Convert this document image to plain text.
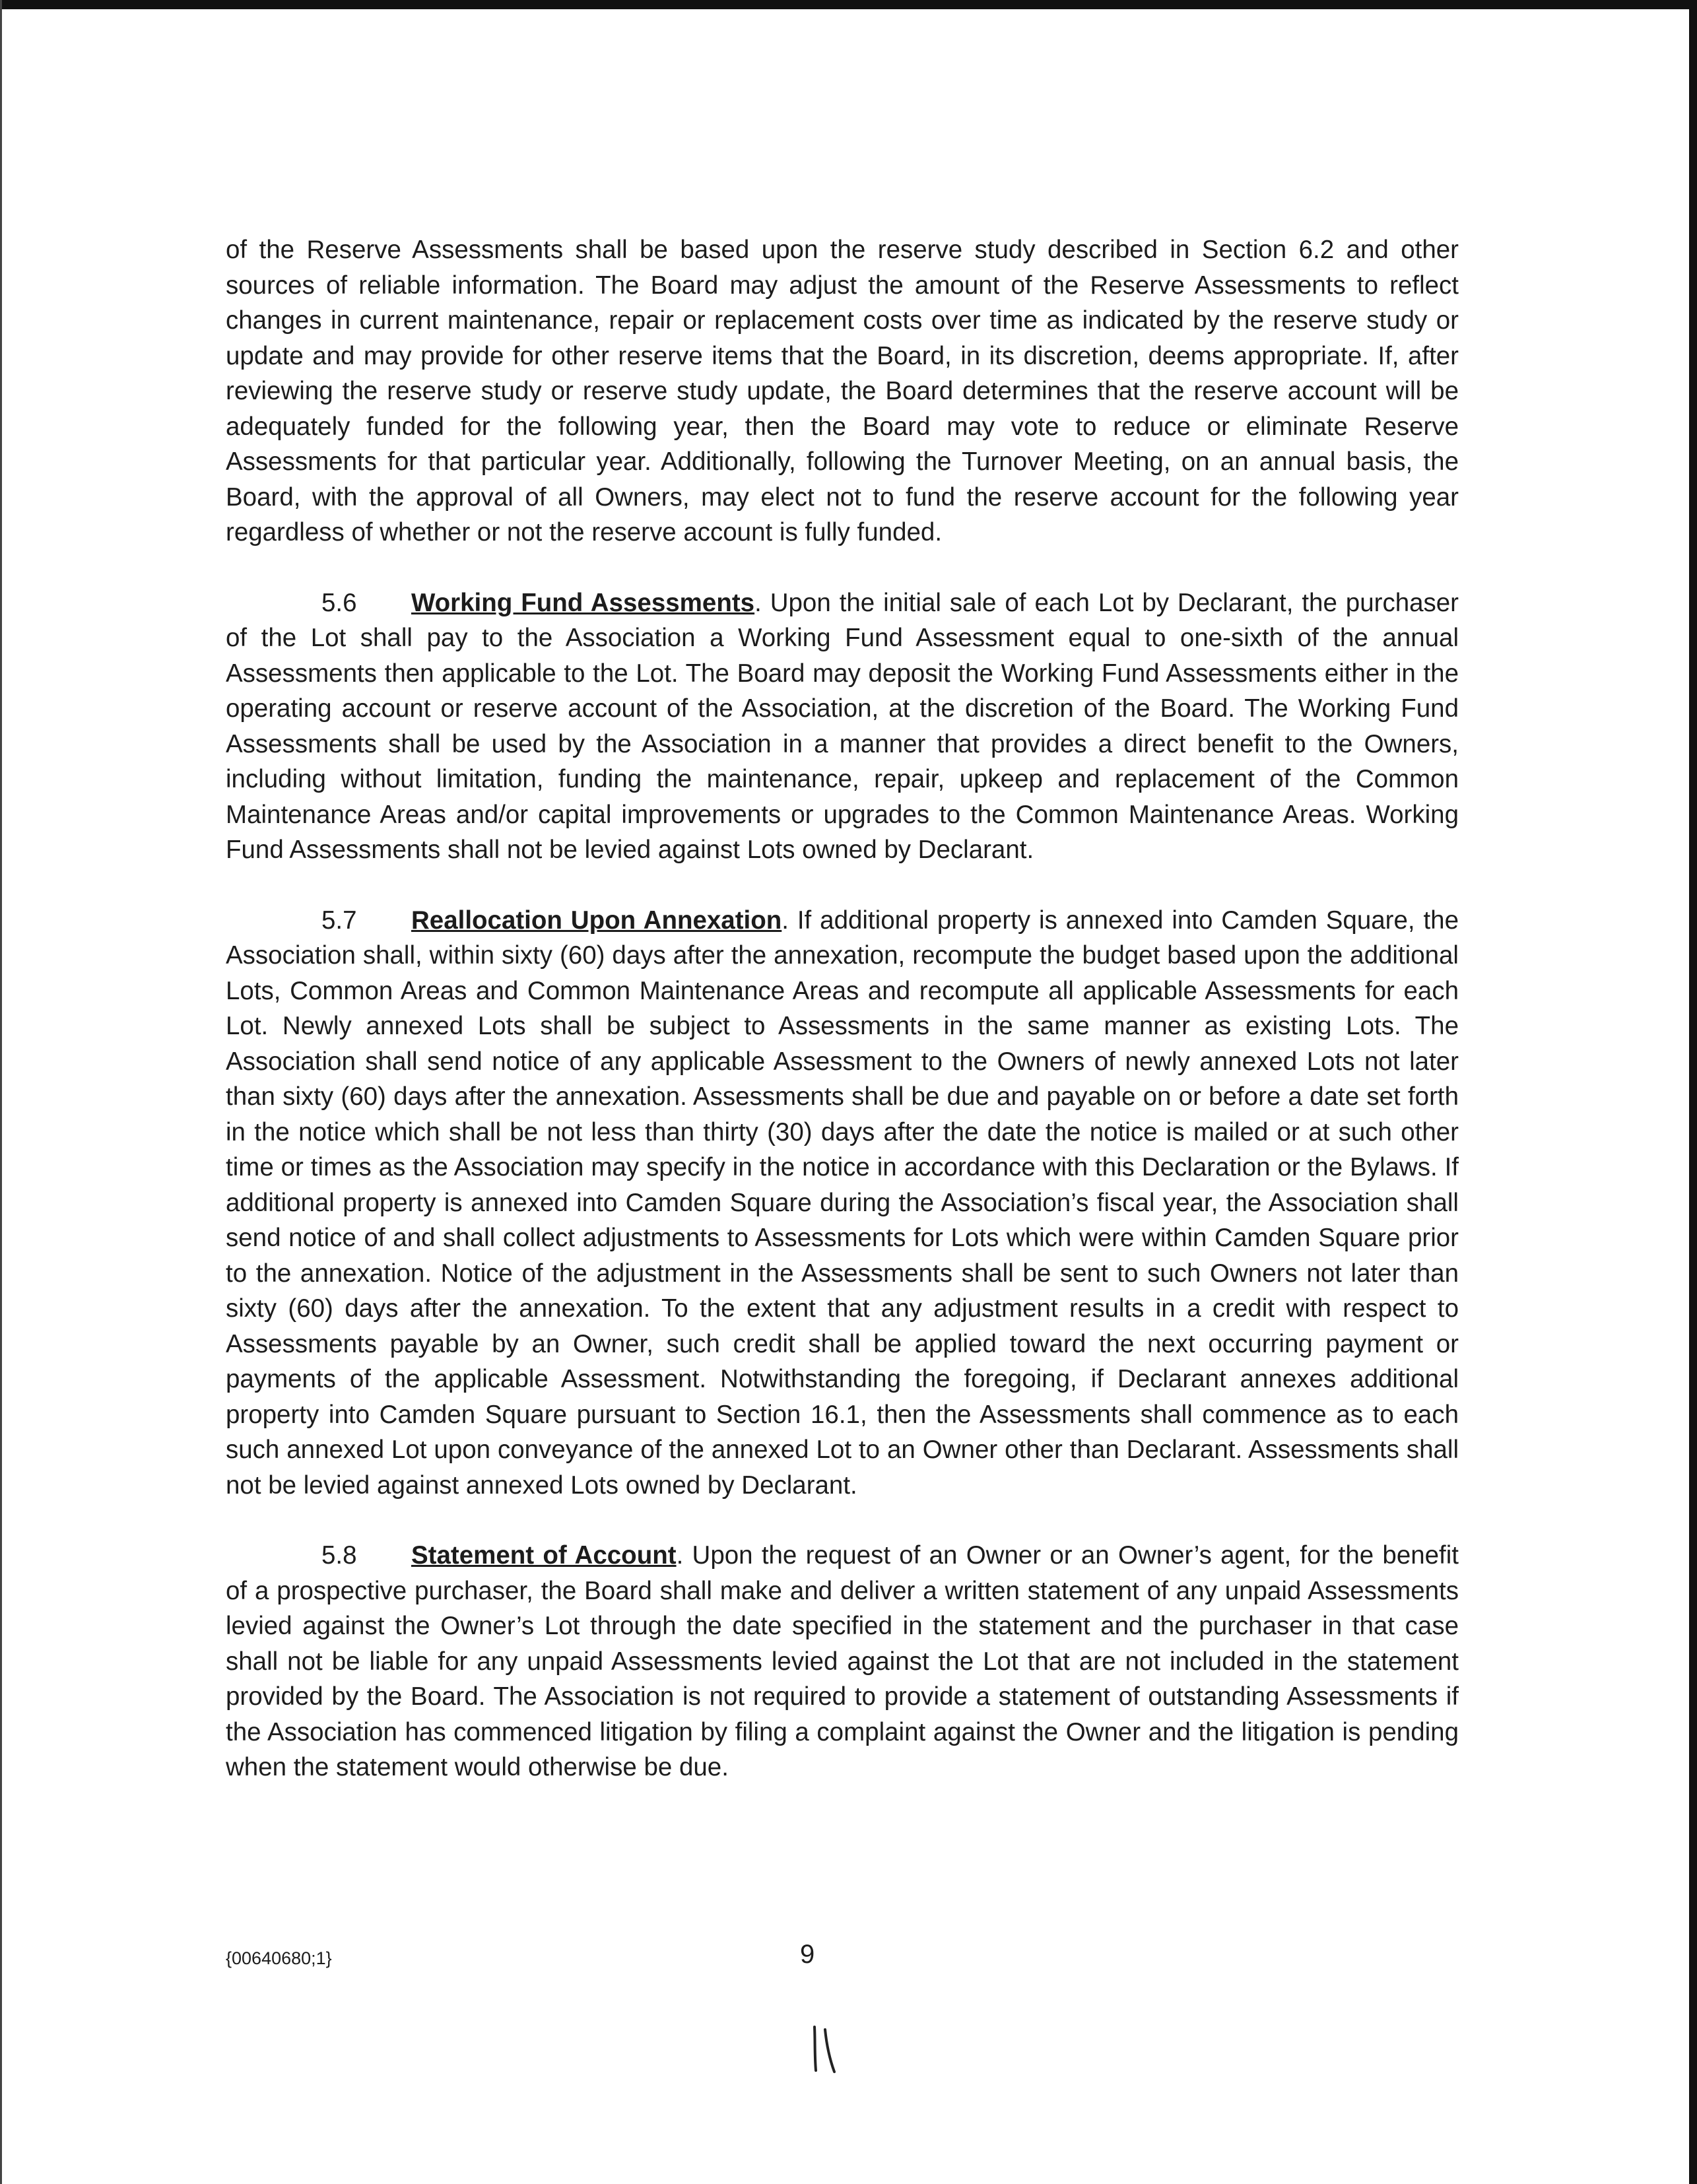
of the Reserve Assessments shall be based upon the reserve study described in Section 6.2 and other sources of reliable information. The Board may adjust the amount of the Reserve Assessments to reflect changes in current maintenance, repair or replacement costs over time as indicated by the reserve study or update and may provide for other reserve items that the Board, in its discretion, deems appropriate. If, after reviewing the reserve study or reserve study update, the Board determines that the reserve account will be adequately funded for the following year, then the Board may vote to reduce or eliminate Reserve Assessments for that particular year. Additionally, following the Turnover Meeting, on an annual basis, the Board, with the approval of all Owners, may elect not to fund the reserve account for the following year regardless of whether or not the reserve account is fully funded.

5.6 Working Fund Assessments. Upon the initial sale of each Lot by Declarant, the purchaser of the Lot shall pay to the Association a Working Fund Assessment equal to one-sixth of the annual Assessments then applicable to the Lot. The Board may deposit the Working Fund Assessments either in the operating account or reserve account of the Association, at the discretion of the Board. The Working Fund Assessments shall be used by the Association in a manner that provides a direct benefit to the Owners, including without limitation, funding the maintenance, repair, upkeep and replacement of the Common Maintenance Areas and/or capital improvements or upgrades to the Common Maintenance Areas. Working Fund Assessments shall not be levied against Lots owned by Declarant.

5.7 Reallocation Upon Annexation. If additional property is annexed into Camden Square, the Association shall, within sixty (60) days after the annexation, recompute the budget based upon the additional Lots, Common Areas and Common Maintenance Areas and recompute all applicable Assessments for each Lot. Newly annexed Lots shall be subject to Assessments in the same manner as existing Lots. The Association shall send notice of any applicable Assessment to the Owners of newly annexed Lots not later than sixty (60) days after the annexation. Assessments shall be due and payable on or before a date set forth in the notice which shall be not less than thirty (30) days after the date the notice is mailed or at such other time or times as the Association may specify in the notice in accordance with this Declaration or the Bylaws. If additional property is annexed into Camden Square during the Association’s fiscal year, the Association shall send notice of and shall collect adjustments to Assessments for Lots which were within Camden Square prior to the annexation. Notice of the adjustment in the Assessments shall be sent to such Owners not later than sixty (60) days after the annexation. To the extent that any adjustment results in a credit with respect to Assessments payable by an Owner, such credit shall be applied toward the next occurring payment or payments of the applicable Assessment. Notwithstanding the foregoing, if Declarant annexes additional property into Camden Square pursuant to Section 16.1, then the Assessments shall commence as to each such annexed Lot upon conveyance of the annexed Lot to an Owner other than Declarant. Assessments shall not be levied against annexed Lots owned by Declarant.

5.8 Statement of Account. Upon the request of an Owner or an Owner’s agent, for the benefit of a prospective purchaser, the Board shall make and deliver a written statement of any unpaid Assessments levied against the Owner’s Lot through the date specified in the statement and the purchaser in that case shall not be liable for any unpaid Assessments levied against the Lot that are not included in the statement provided by the Board. The Association is not required to provide a statement of outstanding Assessments if the Association has commenced litigation by filing a complaint against the Owner and the litigation is pending when the statement would otherwise be due.

{00640680;1}	9
